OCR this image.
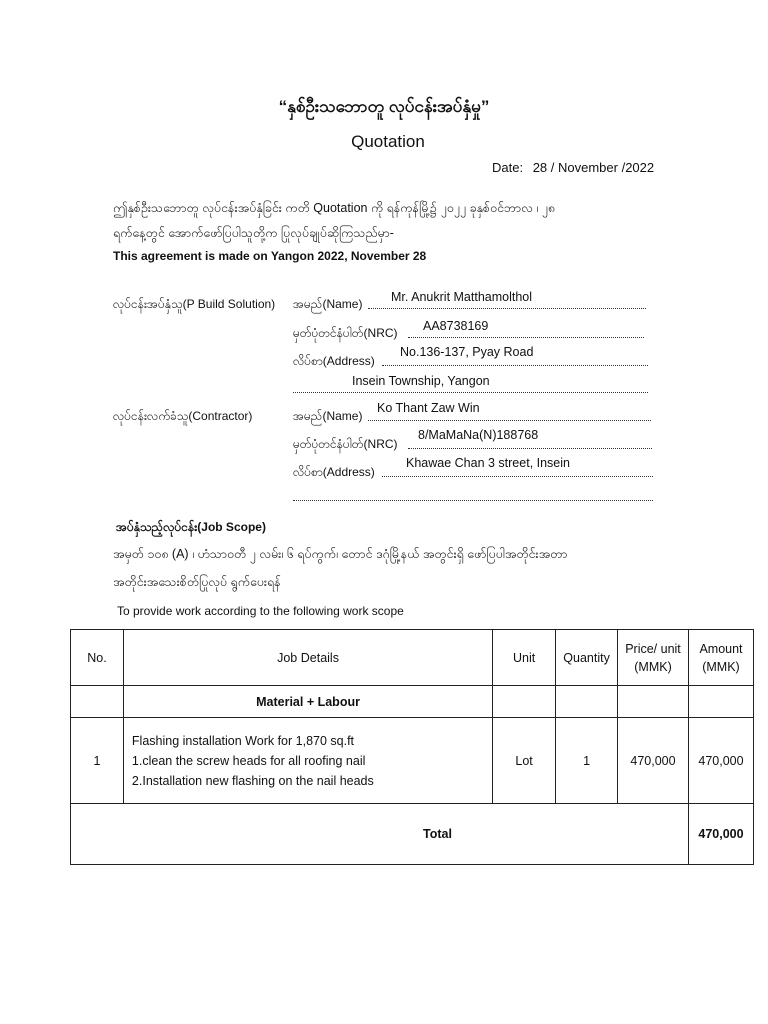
“နှစ်ဦးသဘောတူ လုပ်ငန်းအပ်နှံမှု”
Quotation
Date: 28 / November /2022
ဤနှစ်ဦးသဘောတူ လုပ်ငန်းအပ်နှံခြင်း ကတိ Quotation ကို ရန်ကုန်မြို့၌ ၂၀၂၂ ခုနှစ်ဝင်ဘာလ ၊ ၂၈
ရက်နေ့တွင် အောက်ဖော်ပြပါသူတို့က ပြုလုပ်ချုပ်ဆိုကြသည်မှာ-
This agreement is made on Yangon 2022, November 28
လုပ်ငန်းအပ်နှံသူ(P Build Solution) အမည်(Name) Mr. Anukrit Matthamolthol
မှတ်ပုံတင်နံပါတ်(NRC) AA8738169
လိပ်စာ(Address)
No.136-137, Pyay Road
Insein Township, Yangon
လုပ်ငန်းလက်ခံသူ(Contractor)	အမည်(Name)
Ko Thant Zaw Win
မှတ်ပုံတင်နံပါတ်(NRC)
8/MaMaNa(N)188768
လိပ်စာ(Address)
Khawae Chan 3 street, Insein
အပ်နှံသည့်လုပ်ငန်း(Job Scope)
အမှတ် ၁၀၈ (A) ၊ ဟံသာဝတီ ၂ လမ်း၊ ၆ ရပ်ကွက်၊ တောင် ဒဂုံမြို့နယ် အတွင်းရှိ ဖော်ပြပါအတိုင်းအတာ
အတိုင်းအသေးစိတ်ပြုလုပ် ရွက်ပေးရန်
To provide work according to the following work scope
No.	Job Details	Unit	Quantity	Price/ unit (MMK)	Amount (MMK)
	Material + Labour				
1	Flashing installation Work for 1,870 sq.ft
1.clean the screw heads for all roofing nail
2.Installation new flashing on the nail heads	Lot	1	470,000	470,000
Total					470,000
